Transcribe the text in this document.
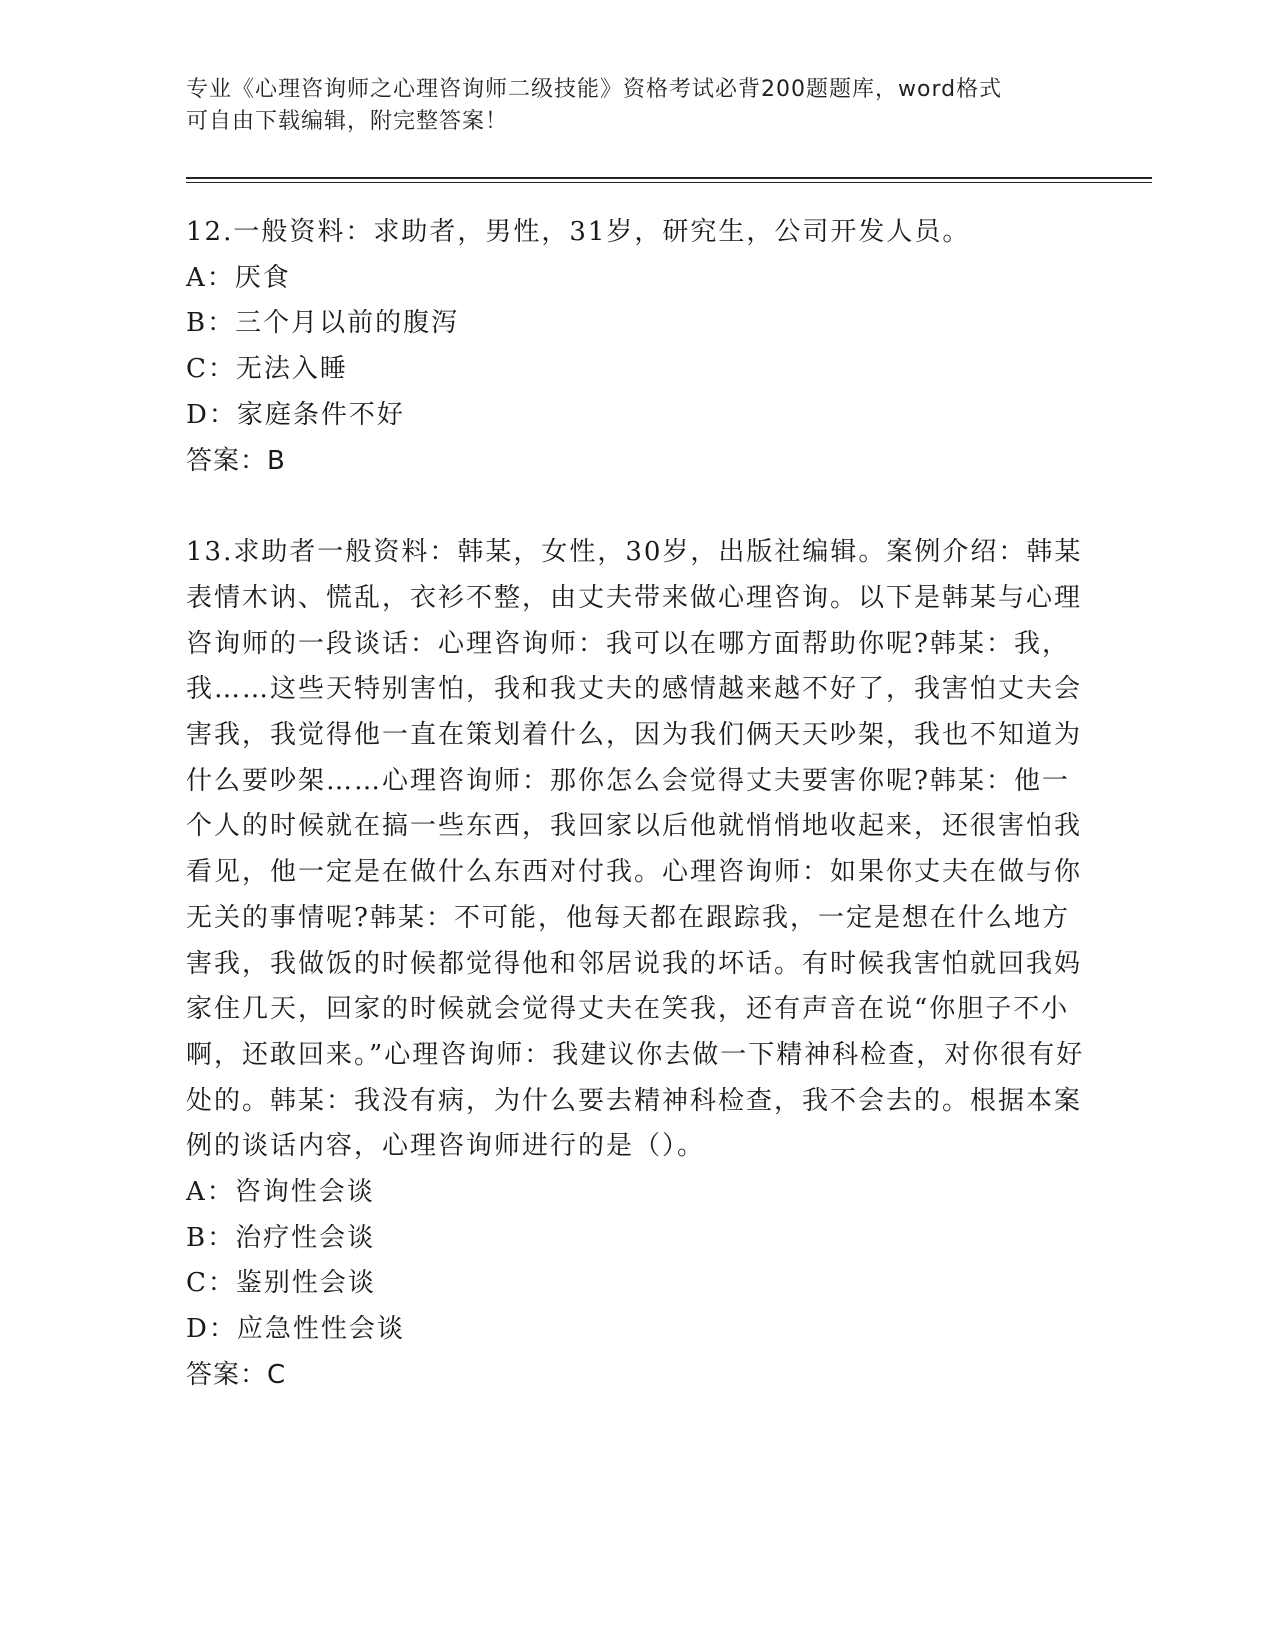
专业《心理咨询师之心理咨询师二级技能》资格考试必背200题题库，word格式
可自由下载编辑，附完整答案！

12.一般资料：求助者，男性，31岁，研究生，公司开发人员。

A：厌食

B：三个月以前的腹泻

C：无法入睡

D：家庭条件不好

答案：B

13.求助者一般资料：韩某，女性，30岁，出版社编辑。案例介绍：韩某表情木讷、慌乱，衣衫不整，由丈夫带来做心理咨询。以下是韩某与心理咨询师的一段谈话：心理咨询师：我可以在哪方面帮助你呢?韩某：我，我……这些天特别害怕，我和我丈夫的感情越来越不好了，我害怕丈夫会害我，我觉得他一直在策划着什么，因为我们俩天天吵架，我也不知道为什么要吵架……心理咨询师：那你怎么会觉得丈夫要害你呢?韩某：他一个人的时候就在搞一些东西，我回家以后他就悄悄地收起来，还很害怕我看见，他一定是在做什么东西对付我。心理咨询师：如果你丈夫在做与你无关的事情呢?韩某：不可能，他每天都在跟踪我，一定是想在什么地方害我，我做饭的时候都觉得他和邻居说我的坏话。有时候我害怕就回我妈家住几天，回家的时候就会觉得丈夫在笑我，还有声音在说“你胆子不小啊，还敢回来。”心理咨询师：我建议你去做一下精神科检查，对你很有好处的。韩某：我没有病，为什么要去精神科检查，我不会去的。根据本案例的谈话内容，心理咨询师进行的是（）。

A：咨询性会谈

B：治疗性会谈

C：鉴别性会谈

D：应急性性会谈

答案：C
